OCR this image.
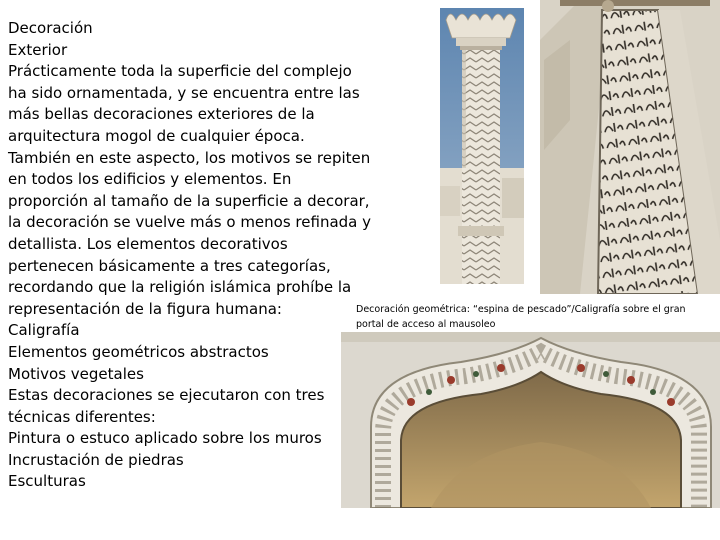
Decoración
Exterior
Prácticamente toda la superficie del complejo
ha sido ornamentada, y se encuentra entre las
más bellas decoraciones exteriores de la
arquitectura mogol de cualquier época.
También en este aspecto, los motivos se repiten
en todos los edificios y elementos. En
proporción al tamaño de la superficie a decorar,
la decoración se vuelve más o menos refinada y
detallista. Los elementos decorativos
pertenecen básicamente a tres categorías,
recordando que la religión islámica prohíbe la
representación de la figura humana:
Caligrafía
Elementos geométricos abstractos
Motivos vegetales
Estas decoraciones se ejecutaron con tres
técnicas diferentes:
Pintura o estuco aplicado sobre los muros
Incrustación de piedras
Esculturas
Decoración geométrica: “espina de pescado”/Caligrafía sobre el gran
portal de acceso al mausoleo
